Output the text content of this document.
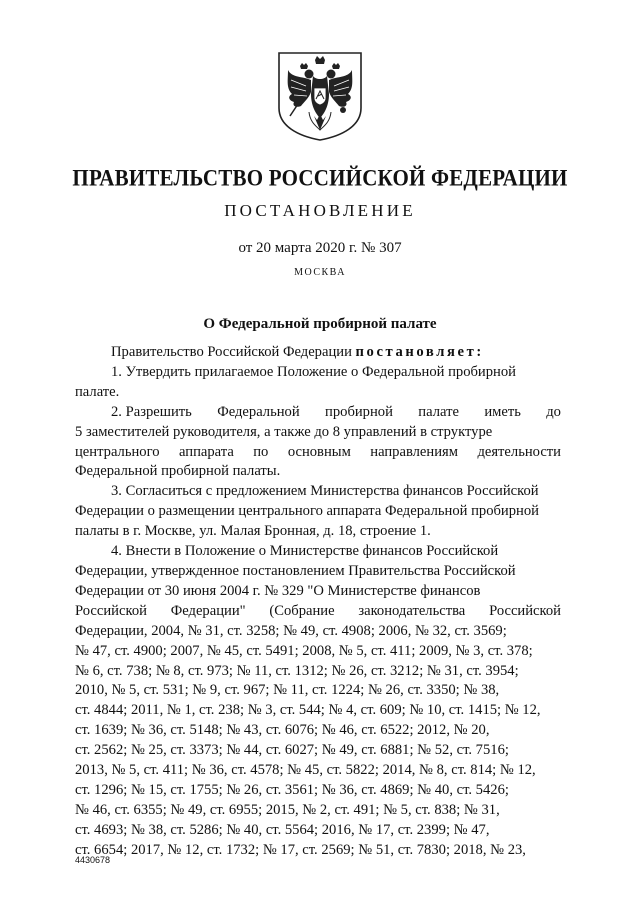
ПРАВИТЕЛЬСТВО РОССИЙСКОЙ ФЕДЕРАЦИИ
ПОСТАНОВЛЕНИЕ
от 20 марта 2020 г. № 307
МОСКВА
О Федеральной пробирной палате
Правительство Российской Федерации постановляет:
1. Утвердить прилагаемое Положение о Федеральной пробирной
палате.
2. Разрешить Федеральной пробирной палате иметь до
5 заместителей руководителя, а также до 8 управлений в структуре
центрального аппарата по основным направлениям деятельности
Федеральной пробирной палаты.
3. Согласиться с предложением Министерства финансов Российской
Федерации о размещении центрального аппарата Федеральной пробирной
палаты в г. Москве, ул. Малая Бронная, д. 18, строение 1.
4. Внести в Положение о Министерстве финансов Российской
Федерации, утвержденное постановлением Правительства Российской
Федерации от 30 июня 2004 г. № 329 "О Министерстве финансов
Российской Федерации" (Собрание законодательства Российской
Федерации, 2004, № 31, ст. 3258; № 49, ст. 4908; 2006, № 32, ст. 3569;
№ 47, ст. 4900; 2007, № 45, ст. 5491; 2008, № 5, ст. 411; 2009, № 3, ст. 378;
№ 6, ст. 738; № 8, ст. 973; № 11, ст. 1312; № 26, ст. 3212; № 31, ст. 3954;
2010, № 5, ст. 531; № 9, ст. 967; № 11, ст. 1224; № 26, ст. 3350; № 38,
ст. 4844; 2011, № 1, ст. 238; № 3, ст. 544; № 4, ст. 609; № 10, ст. 1415; № 12,
ст. 1639; № 36, ст. 5148; № 43, ст. 6076; № 46, ст. 6522; 2012, № 20,
ст. 2562; № 25, ст. 3373; № 44, ст. 6027; № 49, ст. 6881; № 52, ст. 7516;
2013, № 5, ст. 411; № 36, ст. 4578; № 45, ст. 5822; 2014, № 8, ст. 814; № 12,
ст. 1296; № 15, ст. 1755; № 26, ст. 3561; № 36, ст. 4869; № 40, ст. 5426;
№ 46, ст. 6355; № 49, ст. 6955; 2015, № 2, ст. 491; № 5, ст. 838; № 31,
ст. 4693; № 38, ст. 5286; № 40, ст. 5564; 2016, № 17, ст. 2399; № 47,
ст. 6654; 2017, № 12, ст. 1732; № 17, ст. 2569; № 51, ст. 7830; 2018, № 23,
4430678
